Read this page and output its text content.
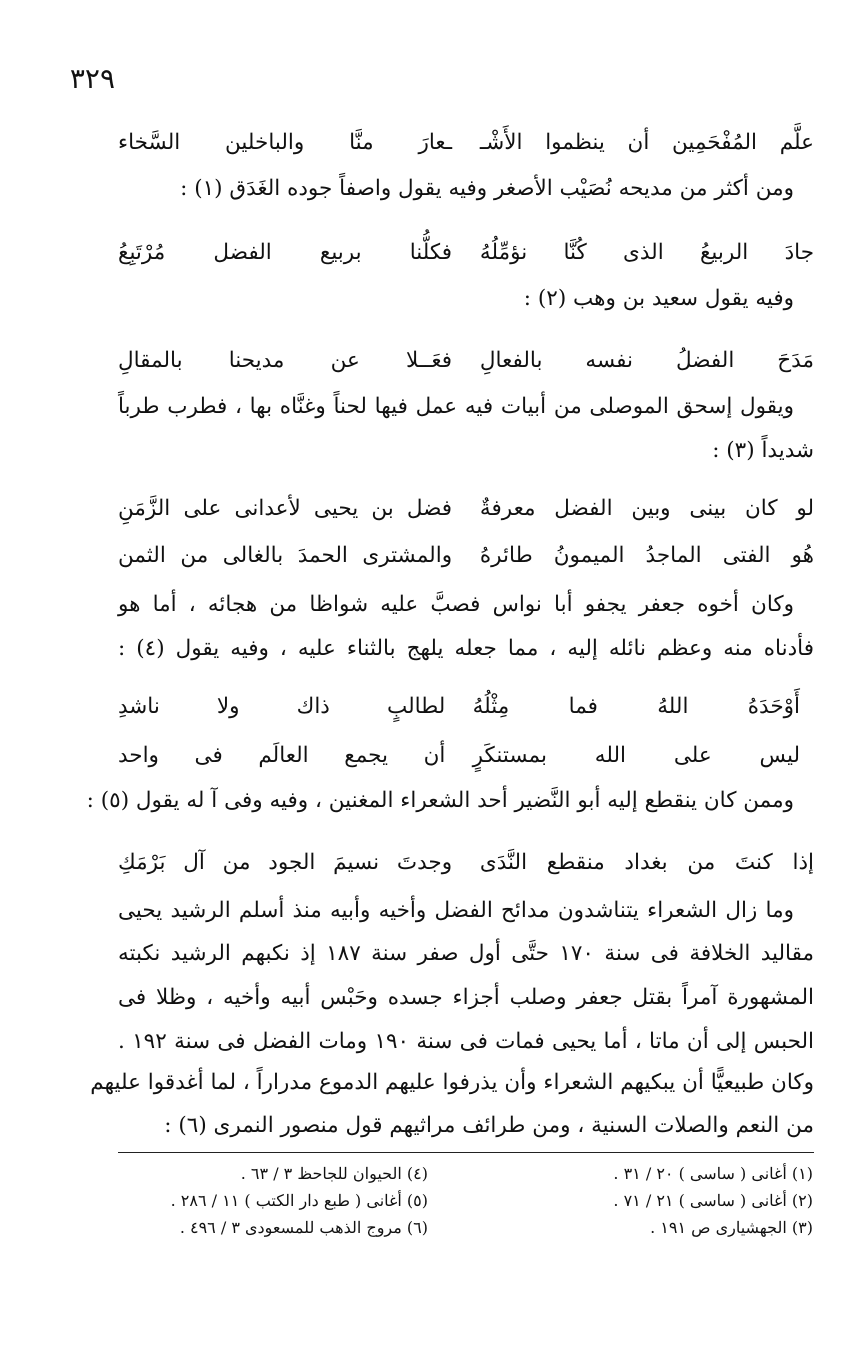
٣٢٩
علَّم المُفْحَمِين أن ينظموا الأَشْـ
ـعارَ منَّا والباخلين السَّخاء
ومن أكثر من مديحه نُصَيْب الأصغر وفيه يقول واصفاً جوده الغَدَق (١) :
جادَ الربيعُ الذى كُنَّا نؤمِّلُهُ
فكلُّنا بربيع الفضل مُرْتَبِعُ
وفيه يقول سعيد بن وهب (٢) :
مَدَحَ الفضلُ نفسه بالفعالِ
فعَــلا عن مديحنا بالمقالِ
ويقول إسحق الموصلى من أبيات فيه عمل فيها لحناً وغنَّاه بها ، فطرب طرباً
شديداً (٣) :
لو كان بينى وبين الفضل معرفةٌ
فضل بن يحيى لأعدانى على الزَّمَنِ
هُو الفتى الماجدُ الميمونُ طائرهُ
والمشترى الحمدَ بالغالى من الثمن
وكان أخوه جعفر يجفو أبا نواس فصبَّ عليه شواظا من هجائه ، أما هو
فأدناه منه وعظم نائله إليه ، مما جعله يلهج بالثناء عليه ، وفيه يقول (٤) :
أَوْحَدَهُ اللهُ فما مِثْلُهُ
لطالبٍ ذاك ولا ناشدِ
ليس على الله بمستنكَرٍ
أن يجمع العالَم فى واحد
وممن كان ينقطع إليه أبو النَّضير أحد الشعراء المغنين ، وفيه وفى آ له يقول (٥) :
إذا كنتَ من بغداد منقطع النَّدَى
وجدتَ نسيمَ الجود من آل بَرْمَكِ
وما زال الشعراء يتناشدون مدائح الفضل وأخيه وأبيه منذ أسلم الرشيد يحيى
مقاليد الخلافة فى سنة ١٧٠ حتَّى أول صفر سنة ١٨٧ إذ نكبهم الرشيد نكبته
المشهورة آمراً بقتل جعفر وصلب أجزاء جسده وحَبْس أبيه وأخيه ، وظلا فى
الحبس إلى أن ماتا ، أما يحيى فمات فى سنة ١٩٠ ومات الفضل فى سنة ١٩٢ .
وكان طبيعيًّا أن يبكيهم الشعراء وأن يذرفوا عليهم الدموع مدراراً ، لما أغدقوا عليهم
من النعم والصلات السنية ، ومن طرائف مراثيهم قول منصور النمرى (٦) :
(١) أغانى ( ساسى ) ٢٠ / ٣١ .
(٢) أغانى ( ساسى ) ٢١ / ٧١ .
(٣) الجهشيارى ص ١٩١ .
(٤) الحيوان للجاحظ ٣ / ٦٣ .
(٥) أغانى ( طبع دار الكتب ) ١١ / ٢٨٦ .
(٦) مروج الذهب للمسعودى ٣ / ٤٩٦ .
